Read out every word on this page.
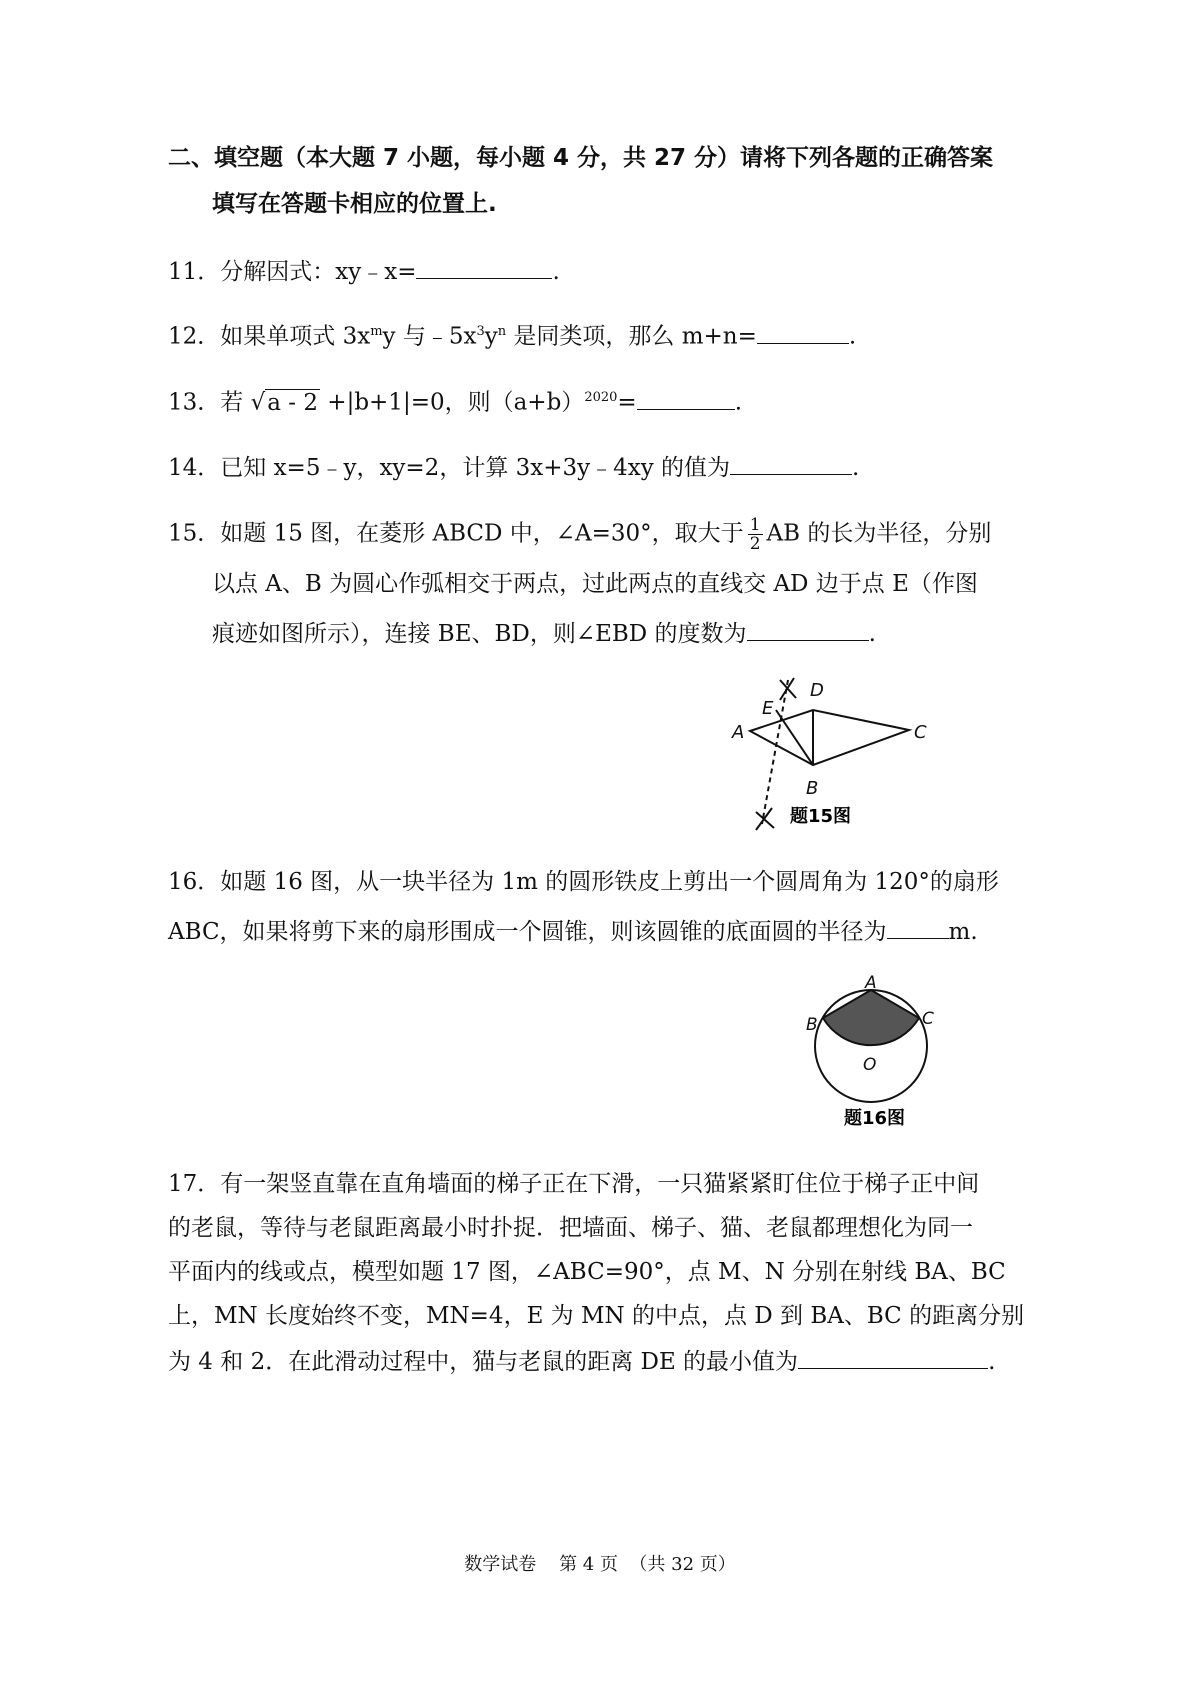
二、填空题（本大题 7 小题，每小题 4 分，共 27 分）请将下列各题的正确答案
填写在答题卡相应的位置上.
11．分解因式：xy﹣x=	.
12．如果单项式 $3x^my$ 与$﹣5x^3y^n$ 是同类项，那么 m+n=	.
13．若 √a - 2 +|b+1|=0，则$(a+b)^{2020}=$	.
14．已知 x=5﹣y，xy=2，计算 3x+3y﹣4xy 的值为	.
15．如题 15 图，在菱形 ABCD 中，∠A=30°，取大于 $\frac{1}{2}$ AB 的长为半径，分别
以点 A、B 为圆心作弧相交于两点，过此两点的直线交 AD 边于点 E（作图
痕迹如图所示），连接 BE、BD，则∠EBD 的度数为	.
A
B
C
D
E
题15图
16．如题 16 图，从一块半径为 1m 的圆形铁皮上剪出一个圆周角为 120°的扇形
ABC，如果将剪下来的扇形围成一个圆锥，则该圆锥的底面圆的半径为	m.
A
B	C
O
题16图
17．有一架竖直靠在直角墙面的梯子正在下滑，一只猫紧紧盯住位于梯子正中间
的老鼠，等待与老鼠距离最小时扑捉．把墙面、梯子、猫、老鼠都理想化为同一
平面内的线或点，模型如题 17 图，∠ABC=90°，点 M、N 分别在射线 BA、BC
上，MN 长度始终不变，MN=4，E 为 MN 的中点，点 D 到 BA、BC 的距离分别
为 4 和 2．在此滑动过程中，猫与老鼠的距离 DE 的最小值为	.
数学试卷    第 4 页  （共 32 页）
